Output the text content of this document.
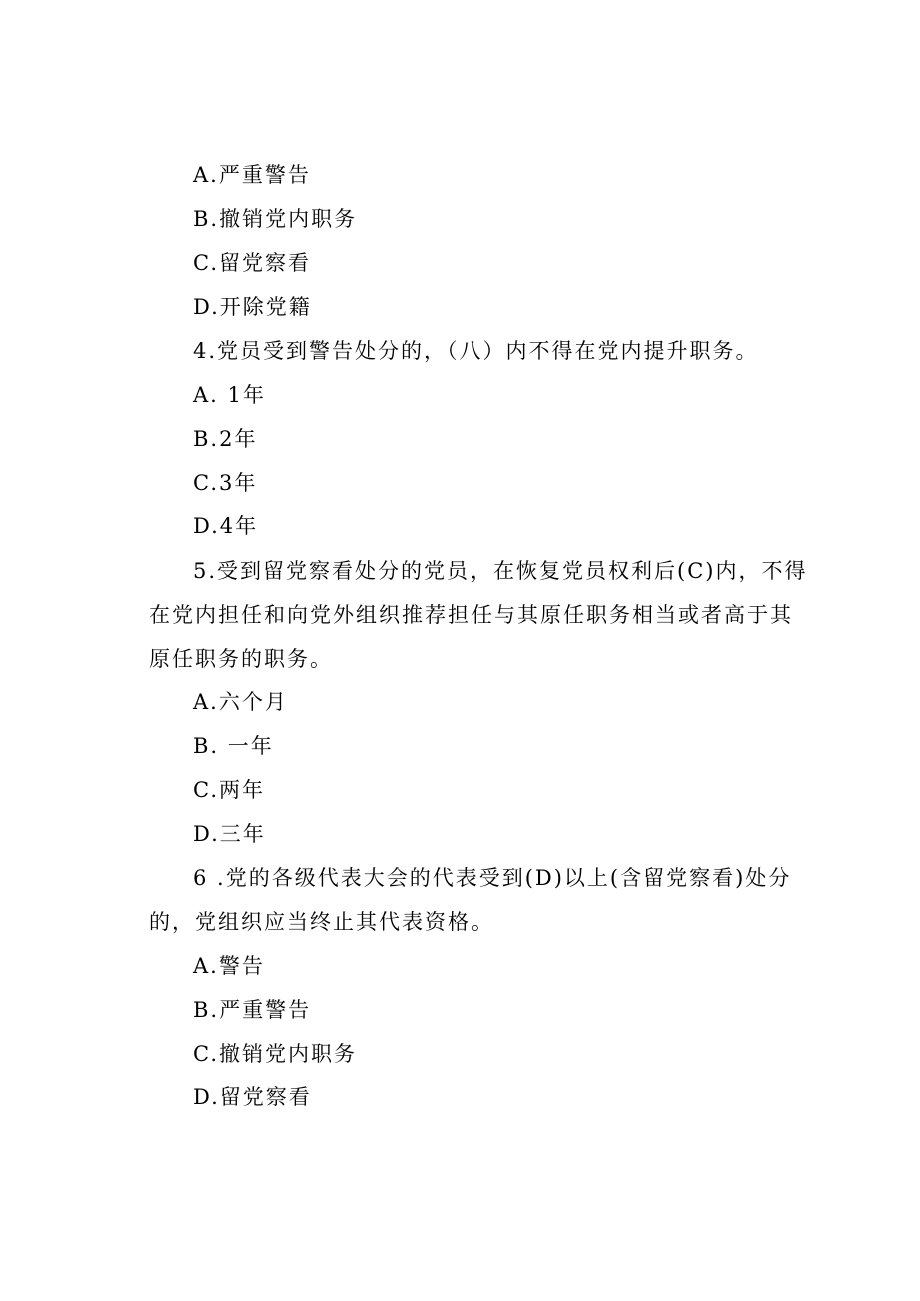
A.严重警告
B.撤销党内职务
C.留党察看
D.开除党籍
4.党员受到警告处分的，（八）内不得在党内提升职务。
A. 1年
B.2年
C.3年
D.4年
5.受到留党察看处分的党员，在恢复党员权利后(C)内，不得
在党内担任和向党外组织推荐担任与其原任职务相当或者高于其
原任职务的职务。
A.六个月
B. 一年
C.两年
D.三年
6 .党的各级代表大会的代表受到(D)以上(含留党察看)处分
的，党组织应当终止其代表资格。
A.警告
B.严重警告
C.撤销党内职务
D.留党察看
